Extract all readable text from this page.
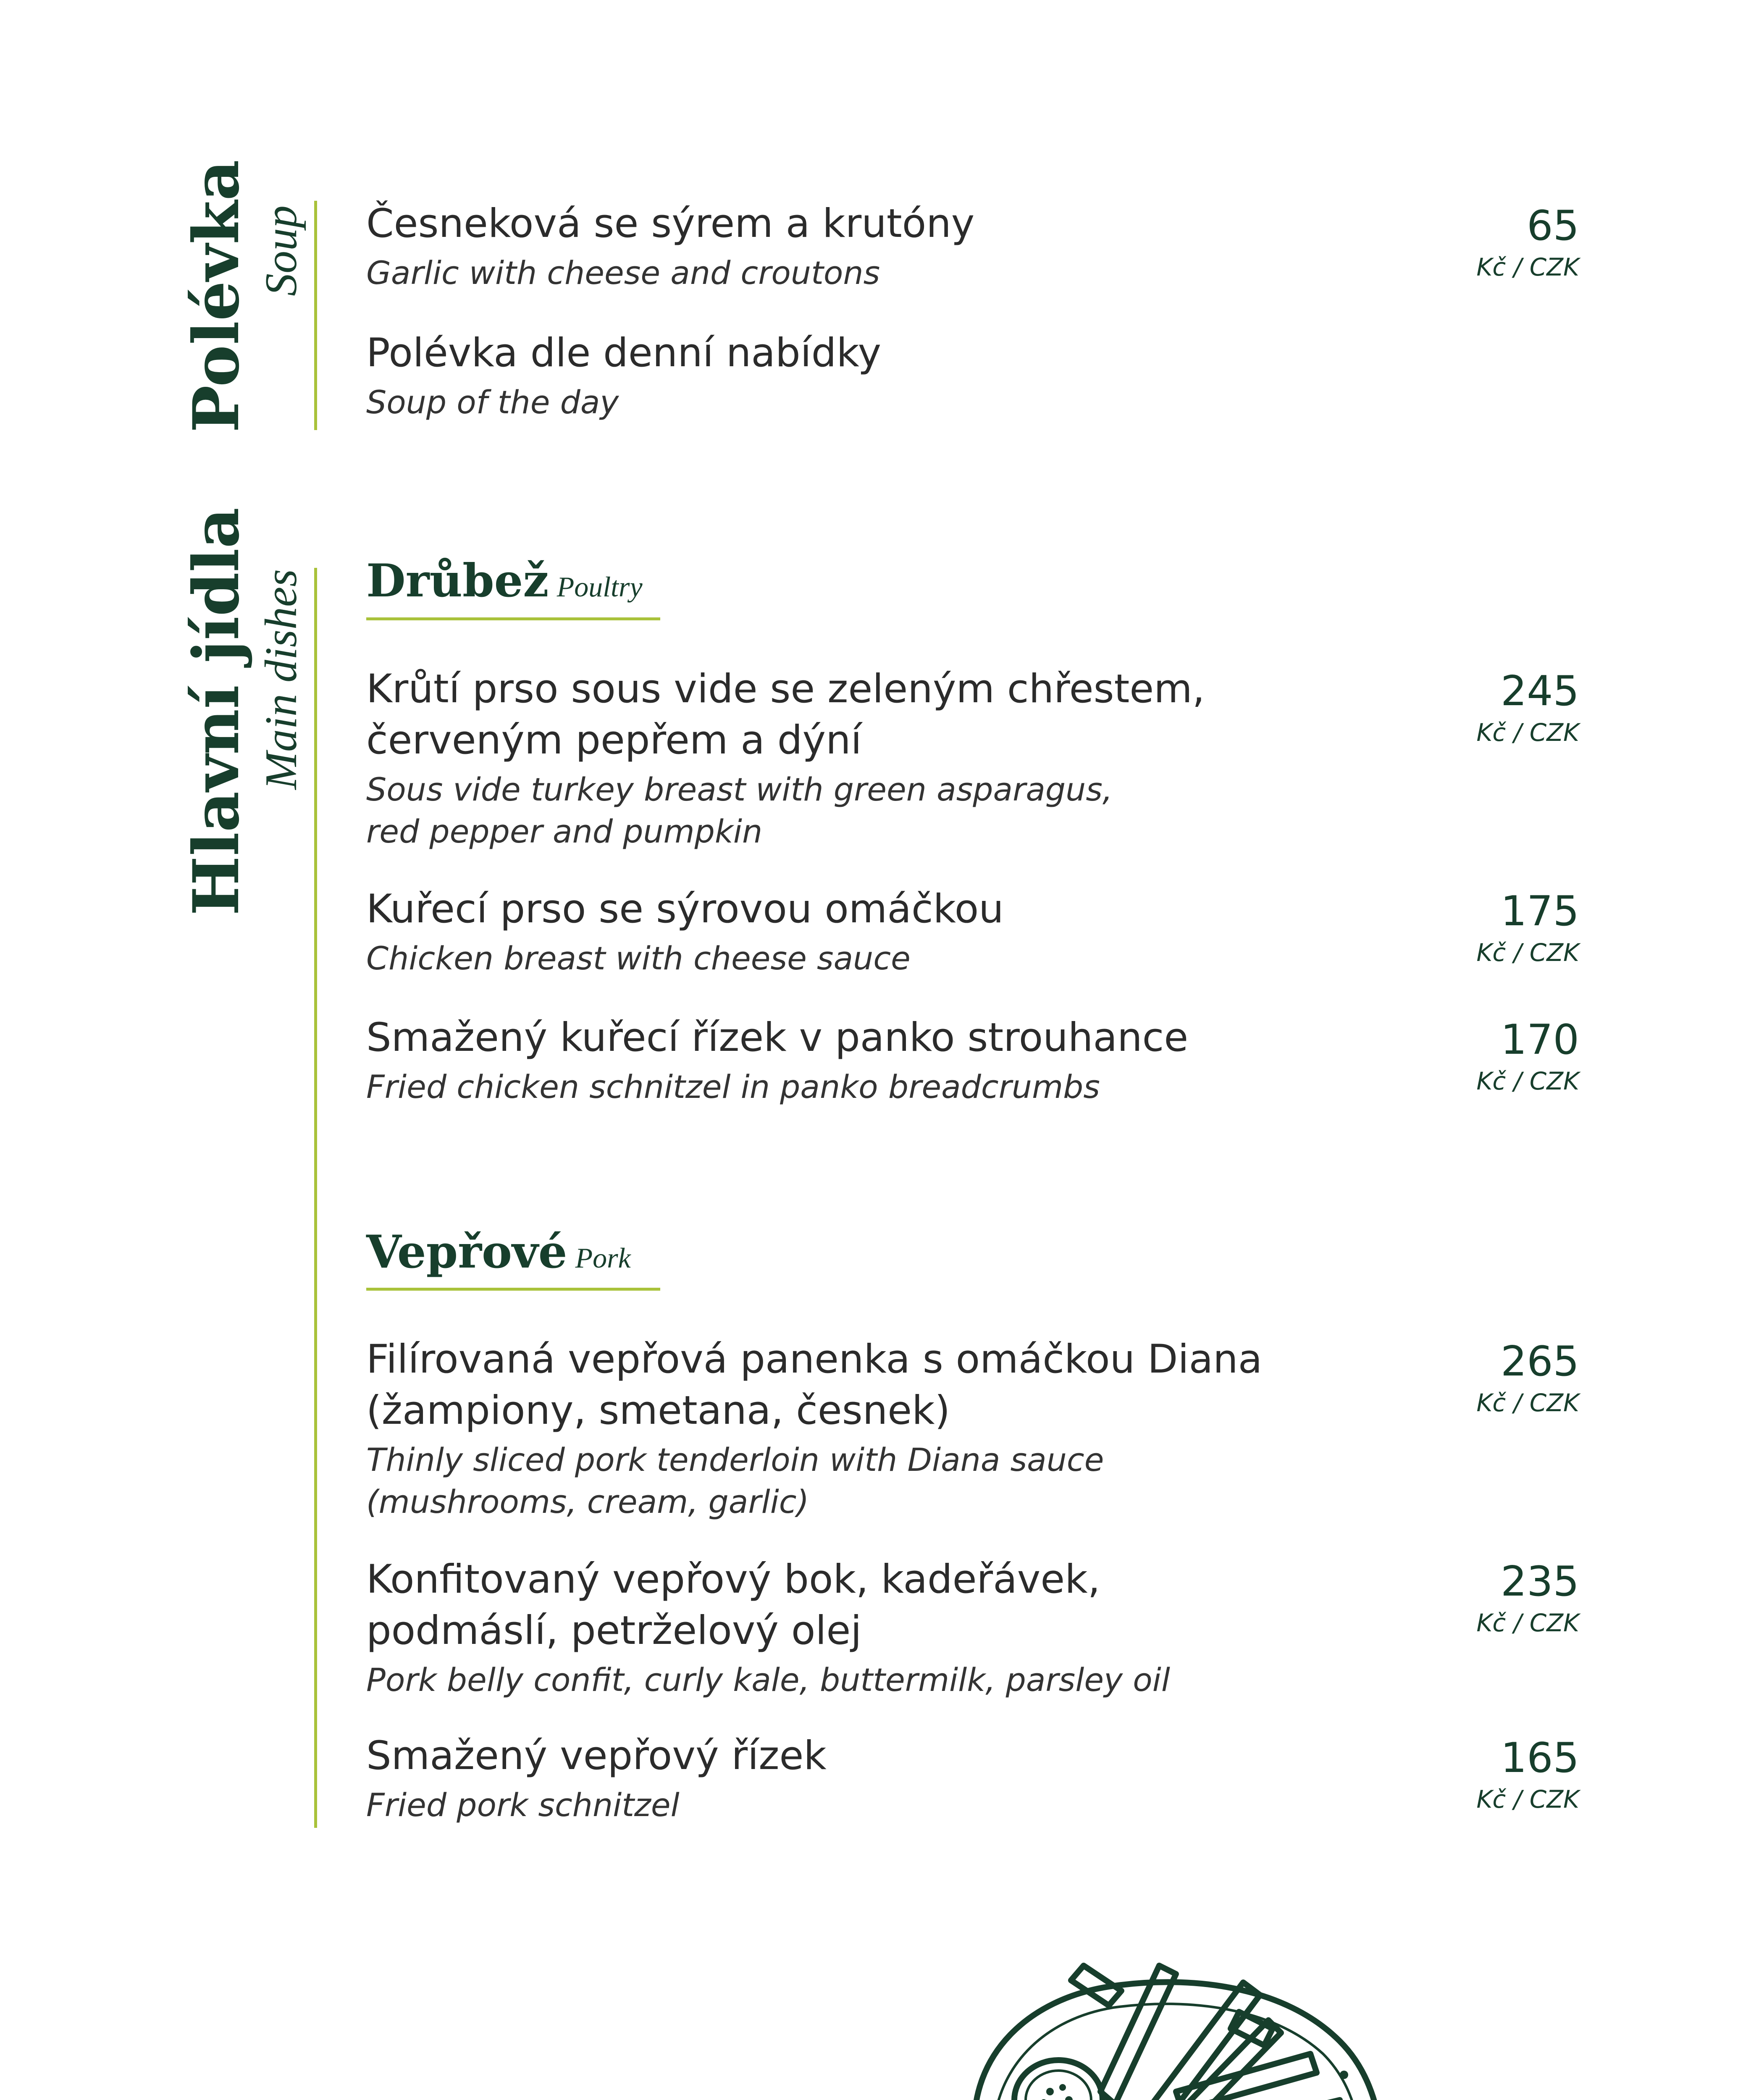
Polévka Soup Česneková se sýrem a krutóny
Garlic with cheese and croutons
65
Kč / CZK
Polévka dle denní nabídky
Soup of the day
Hlavní jídla Main dishes Drůbež Poultry
Krůtí prso sous vide se zeleným chřestem,
červeným pepřem a dýní
Sous vide turkey breast with green asparagus,
red pepper and pumpkin
245
Kč / CZK
Kuřecí prso se sýrovou omáčkou
Chicken breast with cheese sauce
175
Kč / CZK
Smažený kuřecí řízek v panko strouhance
Fried chicken schnitzel in panko breadcrumbs
170
Kč / CZK
Vepřové Pork
Filírovaná vepřová panenka s omáčkou Diana
(žampiony, smetana, česnek)
Thinly sliced pork tenderloin with Diana sauce
(mushrooms, cream, garlic)
265
Kč / CZK
Konfitovaný vepřový bok, kadeřávek,
podmáslí, petrželový olej
Pork belly confit, curly kale, buttermilk, parsley oil
235
Kč / CZK
Smažený vepřový řízek
Fried pork schnitzel
165
Kč / CZK
